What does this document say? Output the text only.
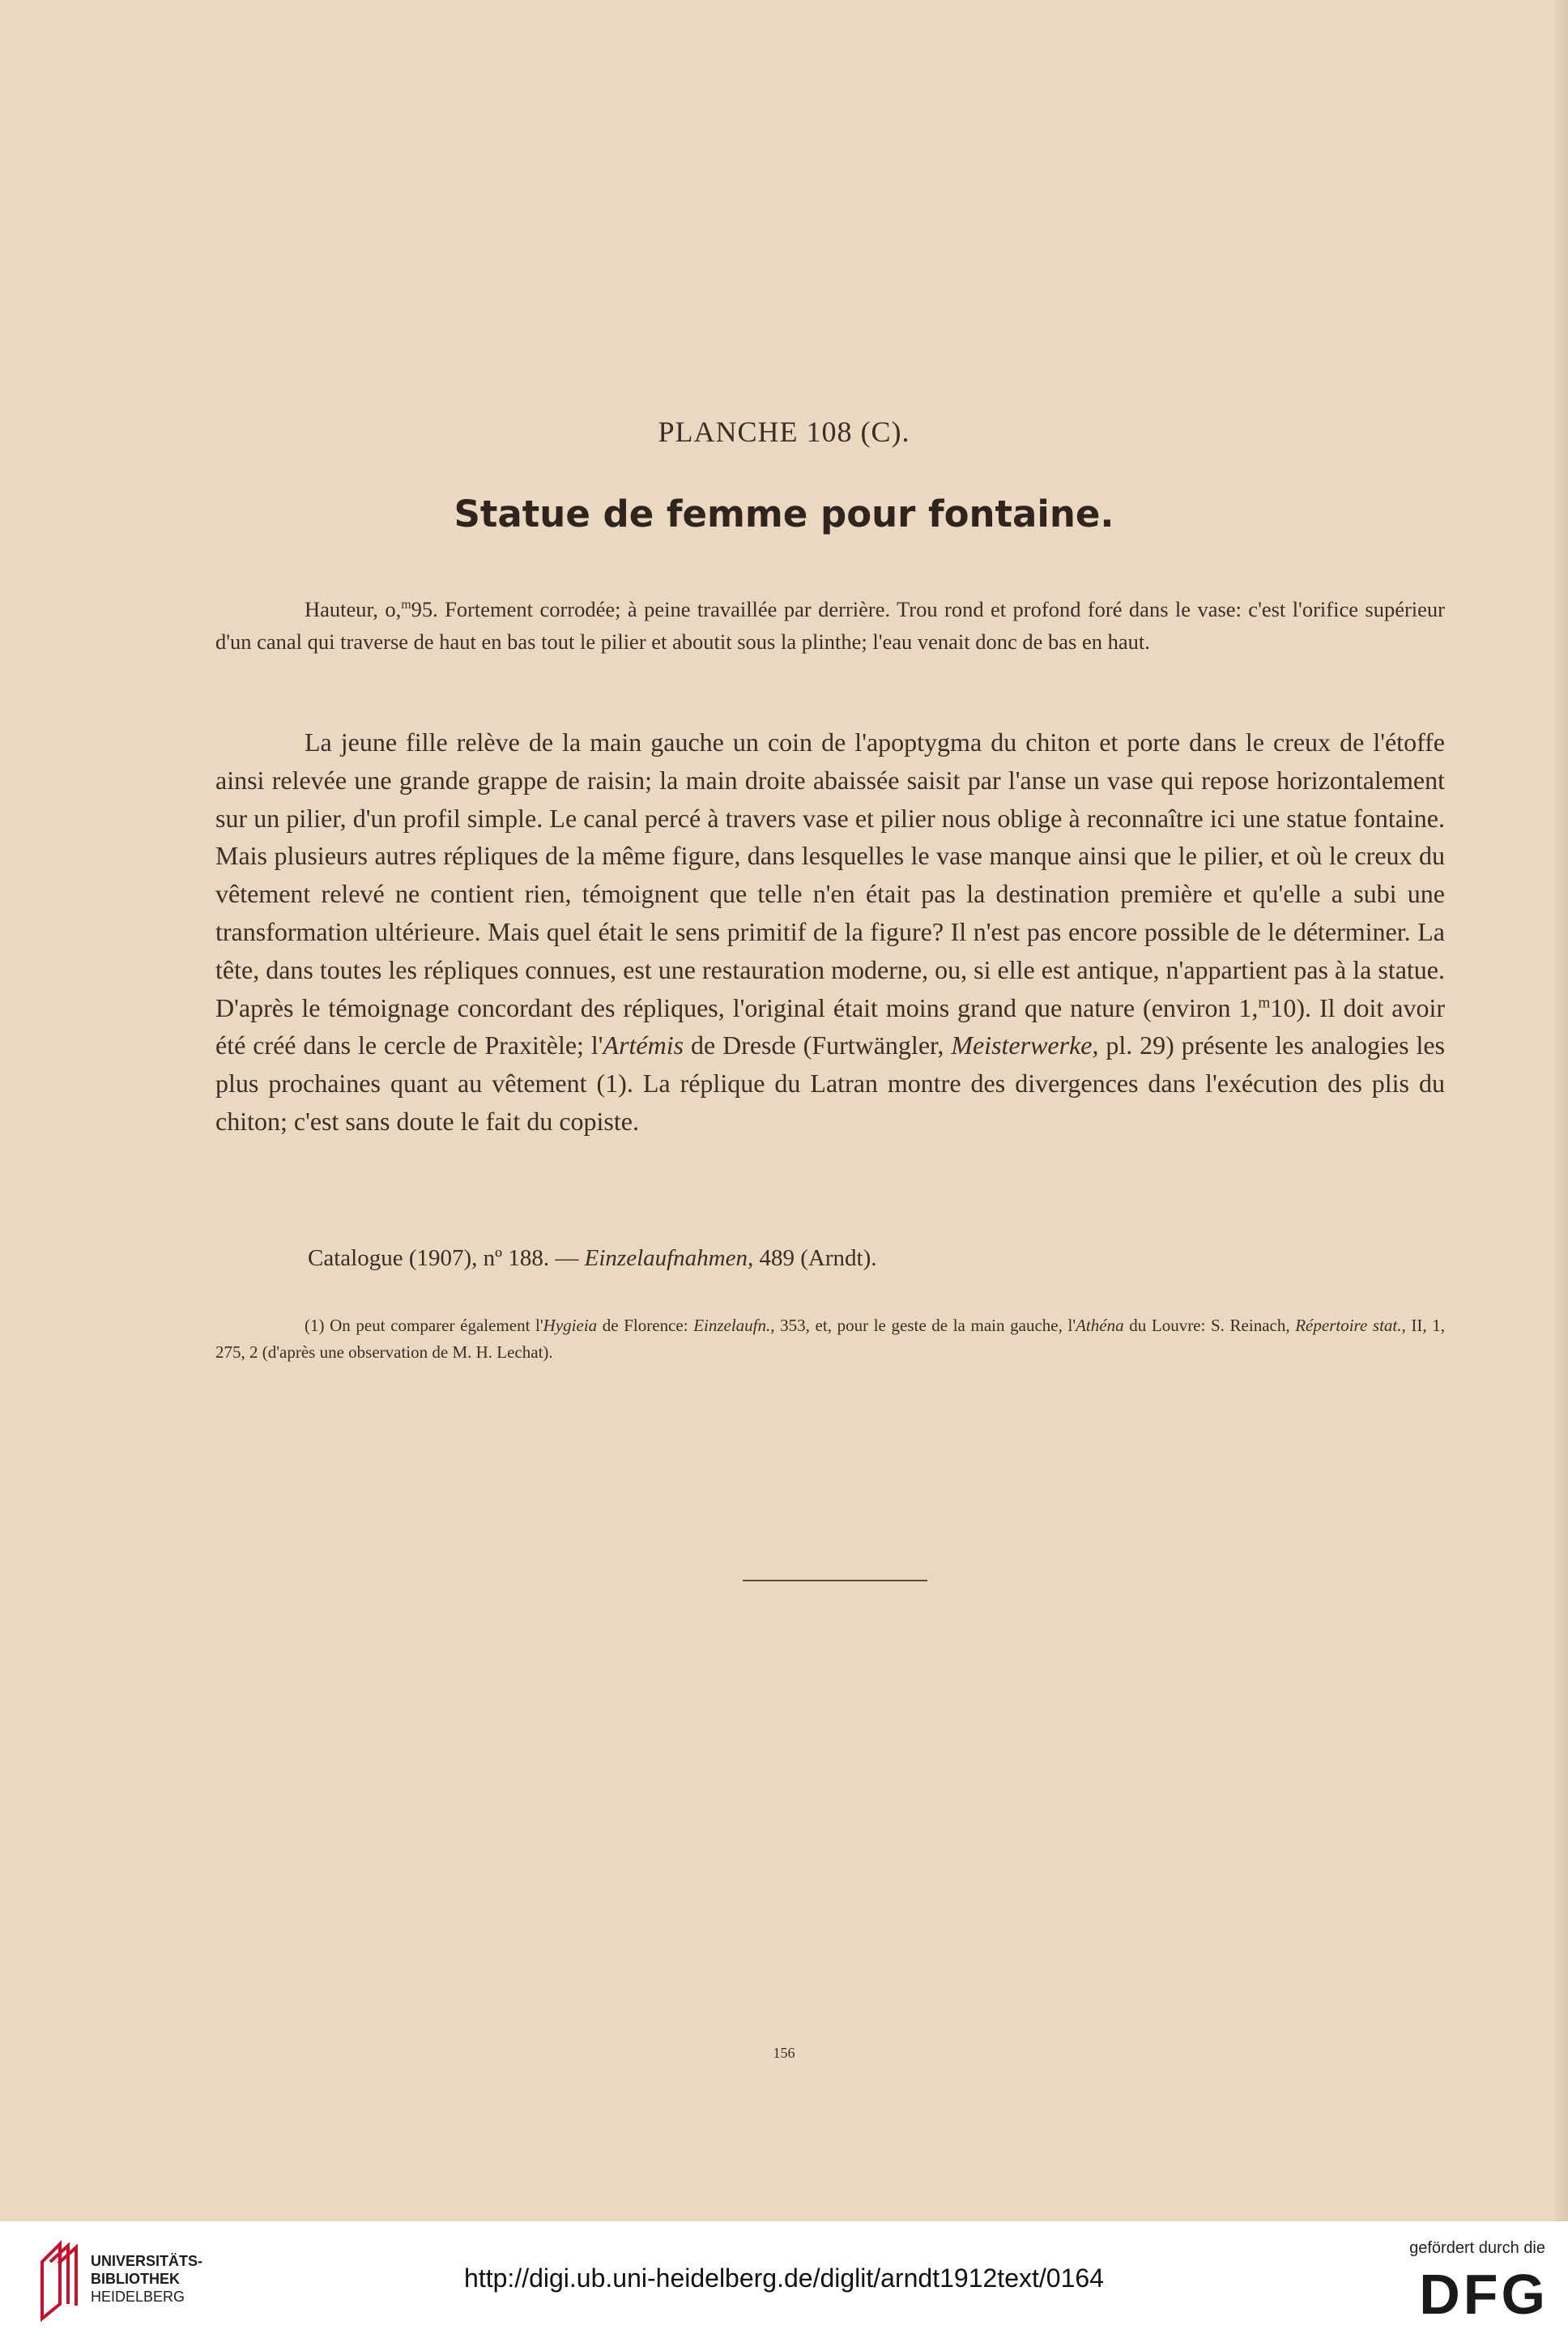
PLANCHE 108 (C).
Statue de femme pour fontaine.

Hauteur, o,$^m$95. Fortement corrodée; à peine travaillée par derrière. Trou rond et profond foré dans le vase: c'est l'orifice supérieur d'un canal qui traverse de haut en bas tout le pilier et aboutit sous la plinthe; l'eau venait donc de bas en haut.

La jeune fille relève de la main gauche un coin de l'apoptygma du chiton et porte dans le creux de l'étoffe ainsi relevée une grande grappe de raisin; la main droite abaissée saisit par l'anse un vase qui repose horizontalement sur un pilier, d'un profil simple. Le canal percé à travers vase et pilier nous oblige à reconnaître ici une statue fontaine. Mais plusieurs autres répliques de la même figure, dans lesquelles le vase manque ainsi que le pilier, et où le creux du vêtement relevé ne contient rien, témoignent que telle n'en était pas la destination première et qu'elle a subi une transformation ultérieure. Mais quel était le sens primitif de la figure? Il n'est pas encore possible de le déterminer. La tête, dans toutes les répliques connues, est une restauration moderne, ou, si elle est antique, n'appartient pas à la statue. D'après le témoignage concordant des répliques, l'original était moins grand que nature (environ 1,$^m$10). Il doit avoir été créé dans le cercle de Praxitèle; l'Artémis de Dresde (Furtwängler, Meisterwerke, pl. 29) présente les analogies les plus prochaines quant au vêtement (1). La réplique du Latran montre des divergences dans l'exécution des plis du chiton; c'est sans doute le fait du copiste.

Catalogue (1907), nº 188. — Einzelaufnahmen, 489 (Arndt).

(1) On peut comparer également l'Hygieia de Florence: Einzelaufn., 353, et, pour le geste de la main gauche, l'Athéna du Louvre: S. Reinach, Répertoire stat., II, 1, 275, 2 (d'après une observation de M. H. Lechat).

156
UNIVERSITÄTS-
BIBLIOTHEK
HEIDELBERG
http://digi.ub.uni-heidelberg.de/diglit/arndt1912text/0164
gefördert durch die
DFG
